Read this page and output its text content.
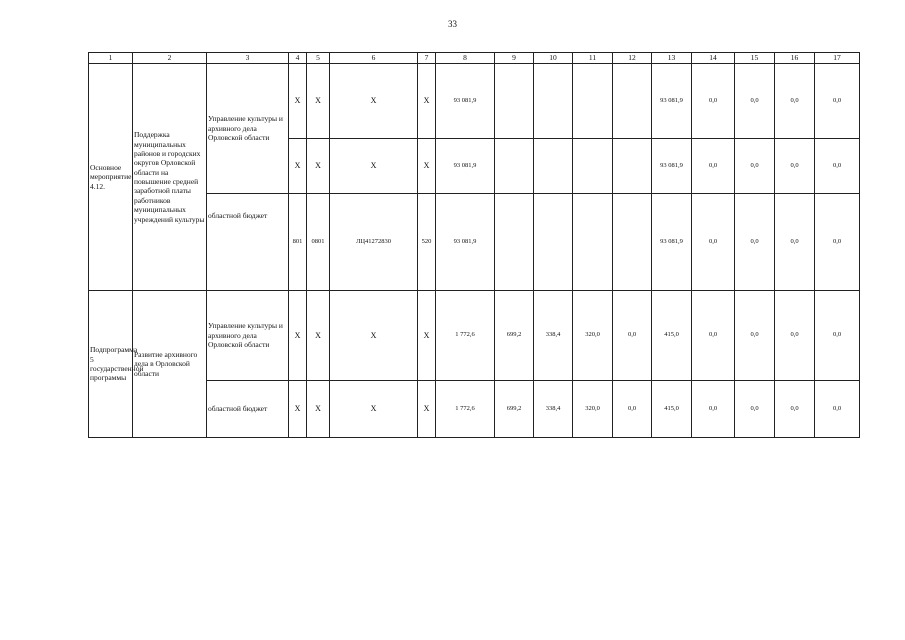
33
1	2	3	4	5	6	7	8	9	10	11	12	13	14	15	16	17
Основное мероприятие 4.12.	Поддержка муниципальных районов и городских округов Орловской области на повышение средней заработной платы работников муниципальных учреждений культуры	Управление культуры и архивного дела Орловской области	X	X	X	X	93 081,9					93 081,9	0,0	0,0	0,0	0,0
			X	X	X	X	93 081,9					93 081,9	0,0	0,0	0,0	0,0
		областной бюджет	801	0801	ЛЦ41272830	520	93 081,9					93 081,9	0,0	0,0	0,0	0,0
Подпрограмма 5 государственной программы	Развитие архивного дела в Орловской области	Управление культуры и архивного дела Орловской области	X	X	X	X	1 772,6	699,2	338,4	320,0	0,0	415,0	0,0	0,0	0,0	0,0
		областной бюджет	X	X	X	X	1 772,6	699,2	338,4	320,0	0,0	415,0	0,0	0,0	0,0	0,0
